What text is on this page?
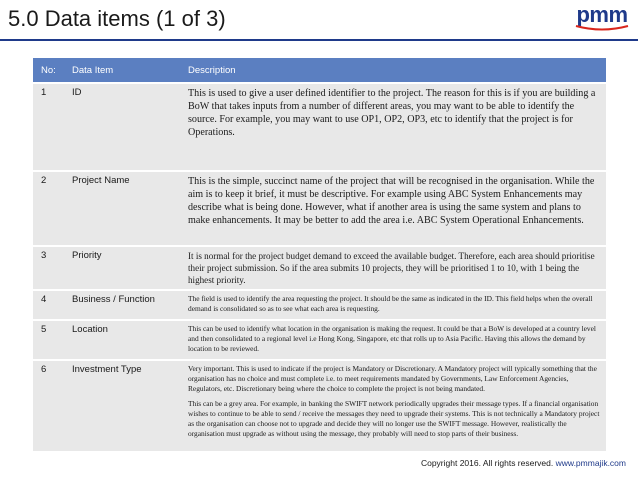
5.0 Data items (1 of 3)	pmm
No:	Data Item	Description
1	ID	This is used to give a user defined identifier to the project. The reason for this is if you are building a BoW that takes inputs from a number of different areas, you may want to be able to identify the source. For example, you may want to use OP1, OP2, OP3, etc to identify that the project is for Operations.
2	Project Name	This is the simple, succinct name of the project that will be recognised in the organisation. While the aim is to keep it brief, it must be descriptive. For example using ABC System Enhancements may describe what is being done. However, what if another area is using the same system and plans to make enhancements. It may be better to add the area i.e. ABC System Operational Enhancements.
3	Priority	It is normal for the project budget demand to exceed the available budget. Therefore, each area should prioritise their project submission. So if the area submits 10 projects, they will be prioritised 1 to 10, with 1 being the highest priority.
4	Business / Function	The field is used to identify the area requesting the project. It should be the same as indicated in the ID. This field helps when the overall demand is consolidated so as to see what each area is requesting.
5	Location	This can be used to identify what location in the organisation is making the request. It could be that a BoW is developed at a country level and then consolidated to a regional level i.e Hong Kong, Singapore, etc that rolls up to Asia Pacific. Having this allows the demand by location to be reviewed.
6	Investment Type	Very important. This is used to indicate if the project is Mandatory or Discretionary. A Mandatory project will typically something that the organisation has no choice and must complete i.e. to meet requirements mandated by Governments, Law Enforcement Agencies, Regulators, etc. Discretionary being where the choice to complete the project is not being mandated.

This can be a grey area. For example, in banking the SWIFT network periodically upgrades their message types. If a financial organisation wishes to continue to be able to send / receive the messages they need to upgrade their systems. This is not technically a Mandatory project as the organisation can choose not to upgrade and decide they will no longer use the SWIFT message. However, realistically the organisation must upgrade as without using the message, they probably will need to stop parts of their business.

Copyright 2016. All rights reserved. www.pmmajik.com
